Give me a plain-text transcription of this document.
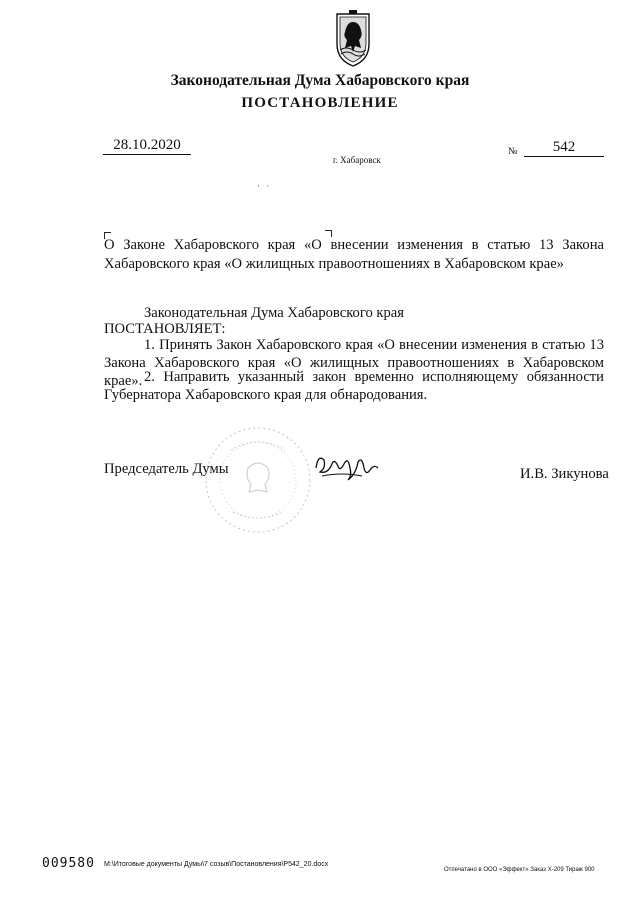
Законодательная Дума Хабаровского края
ПОСТАНОВЛЕНИЕ
28.10.2020	№	542
г. Хабаровск
· ·
О Законе Хабаровского края «О внесении изменения в статью 13 Закона Хабаровского края «О жилищных правоотношениях в Хабаровском крае»
Законодательная Дума Хабаровского края
ПОСТАНОВЛЯЕТ:
1. Принять Закон Хабаровского края «О внесении изменения в статью 13 Закона Хабаровского края «О жилищных правоотношениях в Хабаровском крае». 2. Направить указанный закон временно исполняющему обязанности Губернатора Хабаровского края для обнародования.
Председатель Думы	И.В. Зикунова
009580 M:\Итоговые документы Думы\7 созыв\Постановления\Р542_20.docx
Отпечатано в ООО «Эффект» Заказ Х-209 Тираж 900
